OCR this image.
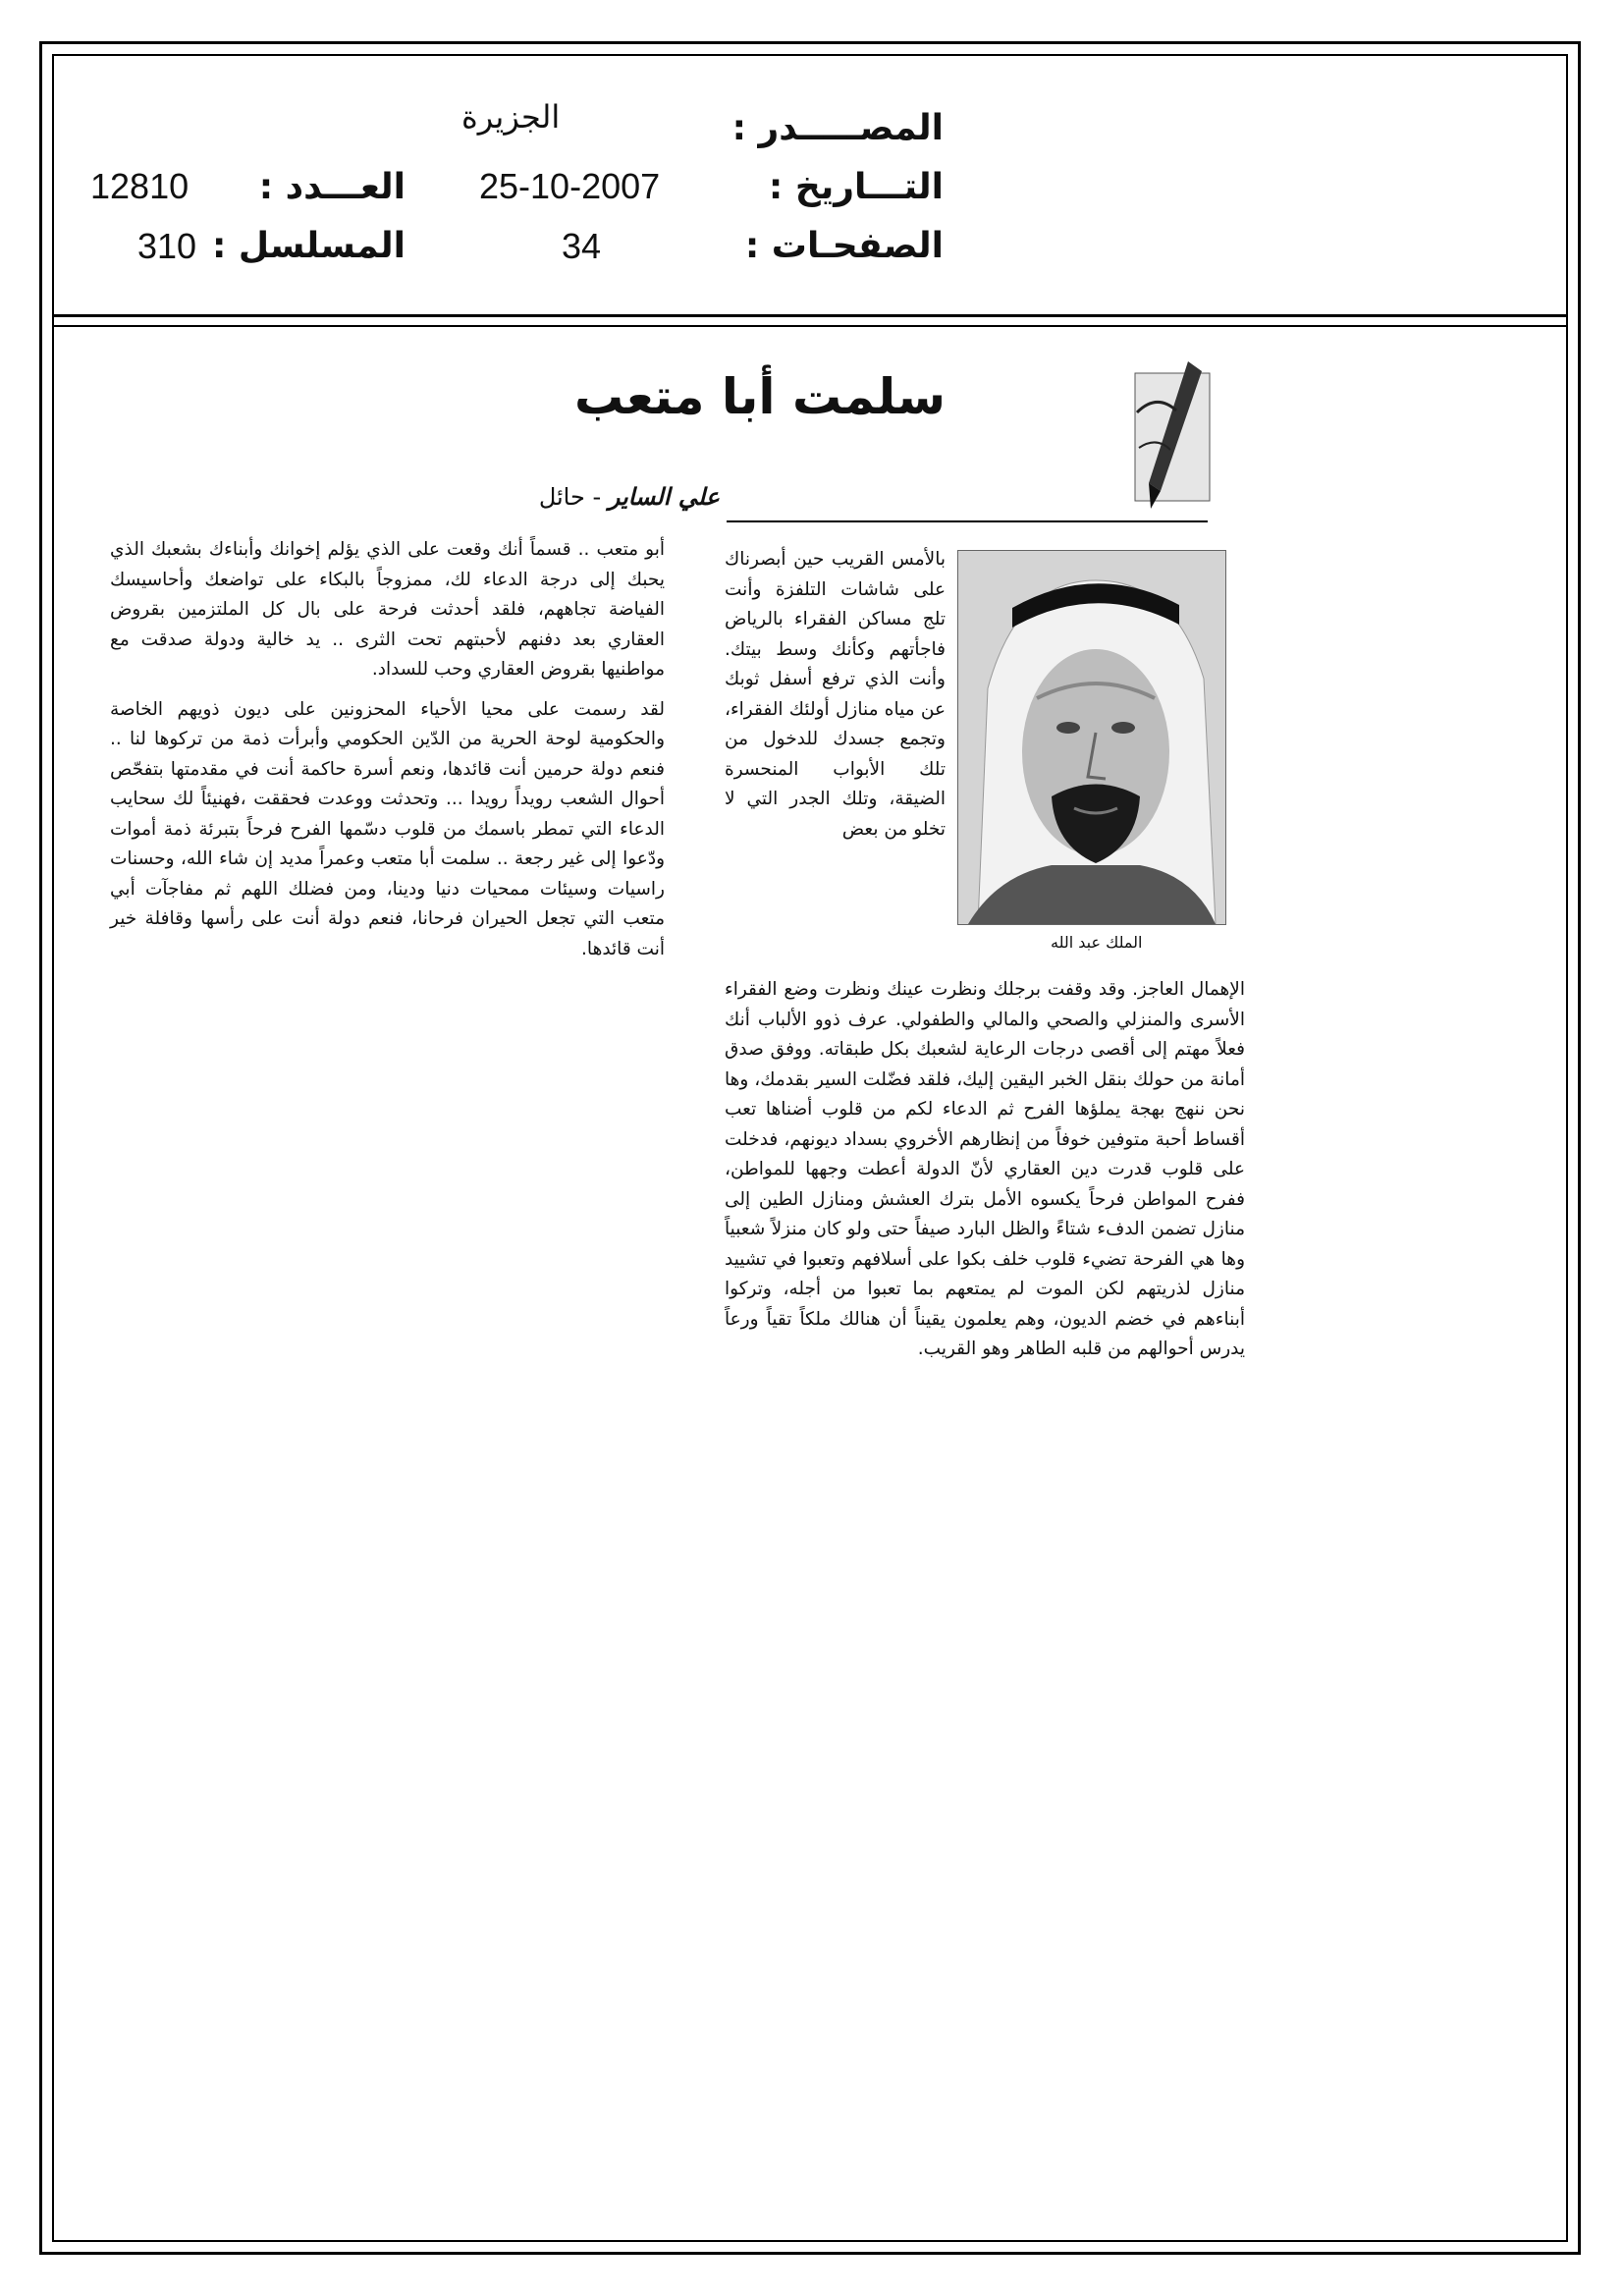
المصـــــدر :
الجزيرة
التـــاريخ :
25-10-2007
العـــدد :
12810
الصفحـات :
34
المسلسل :
310
سلمت أبا متعب
علي الساير - حائل
الملك عبد الله

بالأمس القريب حين أبصرناك على شاشات التلفزة وأنت تلج مساكن الفقراء بالرياض فاجأتهم وكأنك وسط بيتك. وأنت الذي ترفع أسفل ثوبك عن مياه منازل أولئك الفقراء، وتجمع جسدك للدخول من تلك الأبواب المنحسرة الضيقة، وتلك الجدر التي لا تخلو من بعض

الإهمال العاجز. وقد وقفت برجلك ونظرت عينك ونظرت وضع الفقراء الأسرى والمنزلي والصحي والمالي والطفولي. عرف ذوو الألباب أنك فعلاً مهتم إلى أقصى درجات الرعاية لشعبك بكل طبقاته. ووفق صدق أمانة من حولك بنقل الخبر اليقين إليك، فلقد فضّلت السير بقدمك، وها نحن ننهج بهجة يملؤها الفرح ثم الدعاء لكم من قلوب أضناها تعب أقساط أحبة متوفين خوفاً من إنظارهم الأخروي بسداد ديونهم، فدخلت على قلوب قدرت دين العقاري لأنّ الدولة أعطت وجهها للمواطن، ففرح المواطن فرحاً يكسوه الأمل بترك العشش ومنازل الطين إلى منازل تضمن الدفء شتاءً والظل البارد صيفاً حتى ولو كان منزلاً شعبياً وها هي الفرحة تضيء قلوب خلف بكوا على أسلافهم وتعبوا في تشييد منازل لذريتهم لكن الموت لم يمتعهم بما تعبوا من أجله، وتركوا أبناءهم في خضم الديون، وهم يعلمون يقيناً أن هنالك ملكاً تقياً ورعاً يدرس أحوالهم من قلبه الطاهر وهو القريب.

أبو متعب .. قسماً أنك وقعت على الذي يؤلم إخوانك وأبناءك بشعبك الذي يحبك إلى درجة الدعاء لك، ممزوجاً بالبكاء على تواضعك وأحاسيسك الفياضة تجاههم، فلقد أحدثت فرحة على بال كل الملتزمين بقروض العقاري بعد دفنهم لأحبتهم تحت الثرى .. يد خالية ودولة صدقت مع مواطنيها بقروض العقاري وحب للسداد.

لقد رسمت على محيا الأحياء المحزونين على ديون ذويهم الخاصة والحكومية لوحة الحرية من الدّين الحكومي وأبرأت ذمة من تركوها لنا .. فنعم دولة حرمين أنت قائدها، ونعم أسرة حاكمة أنت في مقدمتها بتفحّص أحوال الشعب رويداً رويدا ... وتحدثت ووعدت فحققت ،فهنيئاً لك سحايب الدعاء التي تمطر باسمك من قلوب دسّمها الفرح فرحاً بتبرئة ذمة أموات ودّعوا إلى غير رجعة .. سلمت أبا متعب وعمراً مديد إن شاء الله، وحسنات راسيات وسيئات ممحيات دنيا ودينا، ومن فضلك اللهم ثم مفاجآت أبي متعب التي تجعل الحيران فرحانا، فنعم دولة أنت على رأسها وقافلة خير أنت قائدها.
